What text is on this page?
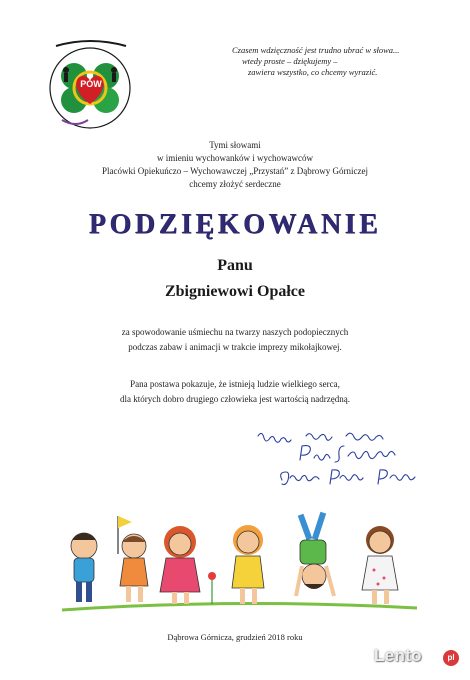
POW
Czasem wdzięczność jest trudno ubrać w słowa...
wtedy proste – dziękujemy –
zawiera wszystko, co chcemy wyrazić.
Tymi słowami
w imieniu wychowanków i wychowawców
Placówki Opiekuńczo – Wychowawczej „Przystań” z Dąbrowy Górniczej
chcemy złożyć serdeczne
PODZIĘKOWANIE
Panu
Zbigniewowi Opałce
za spowodowanie uśmiechu na twarzy naszych podopiecznych
podczas zabaw i animacji w trakcie imprezy mikołajkowej.
Pana postawa pokazuje, że istnieją ludzie wielkiego serca,
dla których dobro drugiego człowieka jest wartością nadrzędną.
Dąbrowa Górnicza, grudzień 2018 roku
Lento	pl
